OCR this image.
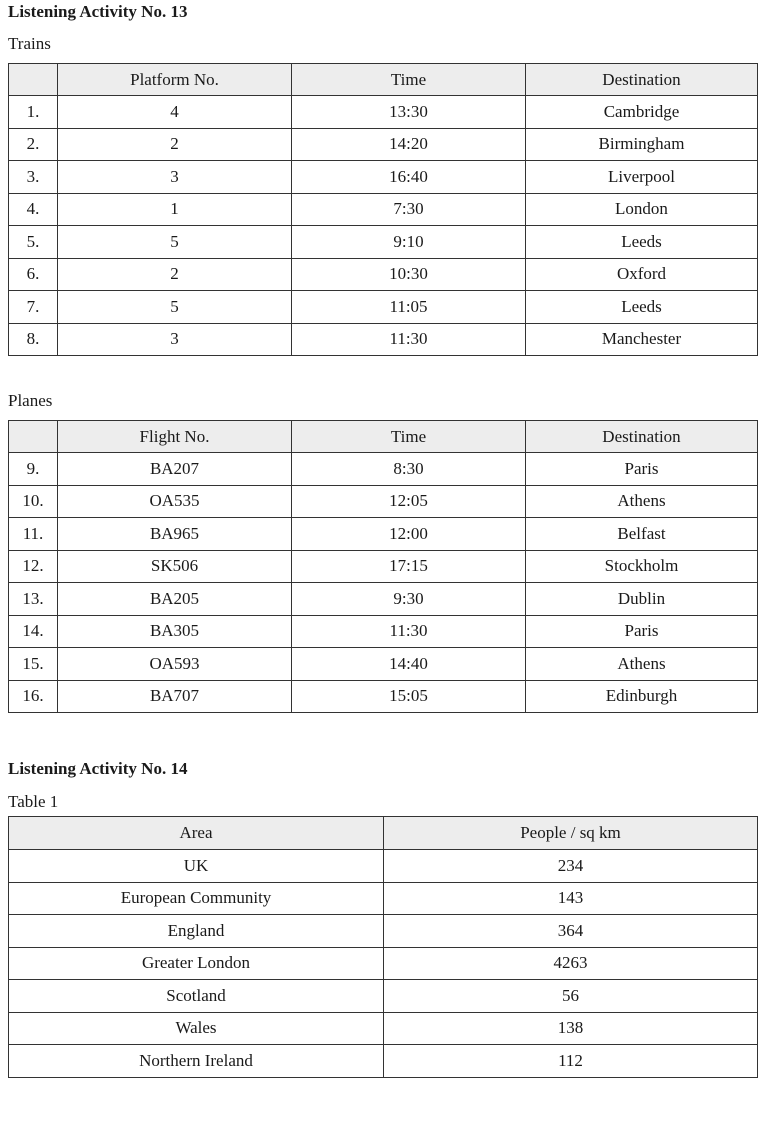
Listening Activity No. 13

Trains

	Platform No.	Time	Destination
1.	4	13:30	Cambridge
2.	2	14:20	Birmingham
3.	3	16:40	Liverpool
4.	1	7:30	London
5.	5	9:10	Leeds
6.	2	10:30	Oxford
7.	5	11:05	Leeds
8.	3	11:30	Manchester

Planes

	Flight No.	Time	Destination
9.	BA207	8:30	Paris
10.	OA535	12:05	Athens
11.	BA965	12:00	Belfast
12.	SK506	17:15	Stockholm
13.	BA205	9:30	Dublin
14.	BA305	11:30	Paris
15.	OA593	14:40	Athens
16.	BA707	15:05	Edinburgh
Listening Activity No. 14

Table 1

Area	People / sq km
UK	234
European Community	143
England	364
Greater London	4263
Scotland	56
Wales	138
Northern Ireland	112
